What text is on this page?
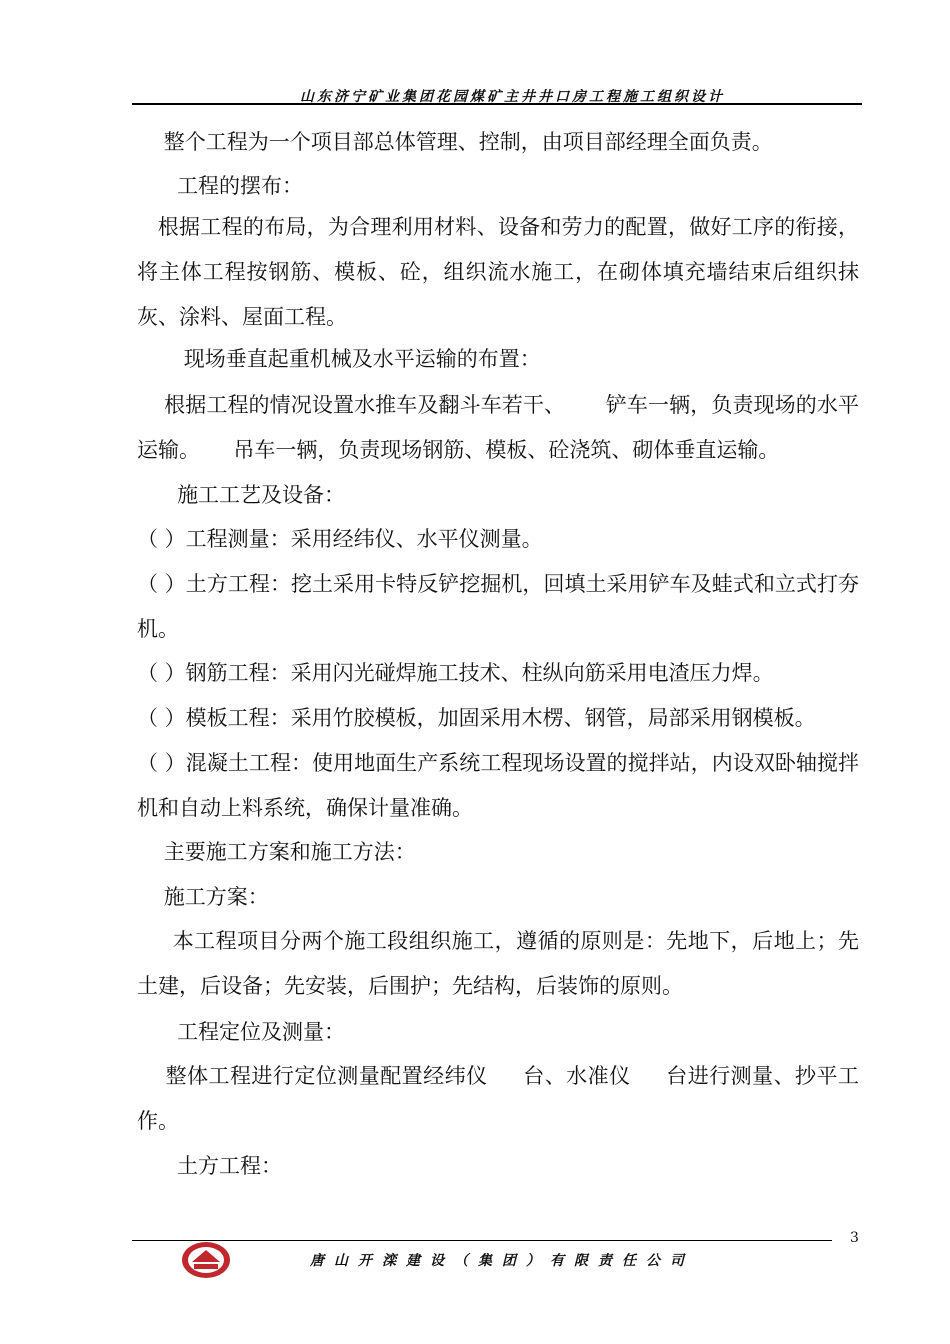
山东济宁矿业集团花园煤矿主井井口房工程施工组织设计

整个工程为一个项目部总体管理、控制，由项目部经理全面负责。

工程的摆布：

根据工程的布局，为合理利用材料、设备和劳力的配置，做好工序的衔接，将主体工程按钢筋、模板、砼，组织流水施工，在砌体填充墙结束后组织抹灰、涂料、屋面工程。

现场垂直起重机械及水平运输的布置：

根据工程的情况设置水推车及翻斗车若干、      铲车一辆，负责现场的水平运输。     吊车一辆，负责现场钢筋、模板、砼浇筑、砌体垂直运输。

施工工艺及设备：

（ ）工程测量：采用经纬仪、水平仪测量。

（ ）土方工程：挖土采用卡特反铲挖掘机，回填土采用铲车及蛙式和立式打夯机。

（ ）钢筋工程：采用闪光碰焊施工技术、柱纵向筋采用电渣压力焊。

（ ）模板工程：采用竹胶模板，加固采用木楞、钢管，局部采用钢模板。

（ ）混凝土工程：使用地面生产系统工程现场设置的搅拌站，内设双卧轴搅拌机和自动上料系统，确保计量准确。

主要施工方案和施工方法：

施工方案：

本工程项目分两个施工段组织施工，遵循的原则是：先地下，后地上；先土建，后设备；先安装，后围护；先结构，后装饰的原则。

工程定位及测量：

整体工程进行定位测量配置经纬仪     台、水准仪     台进行测量、抄平工作。

土方工程：

3
唐山开滦建设（集团）有限责任公司
